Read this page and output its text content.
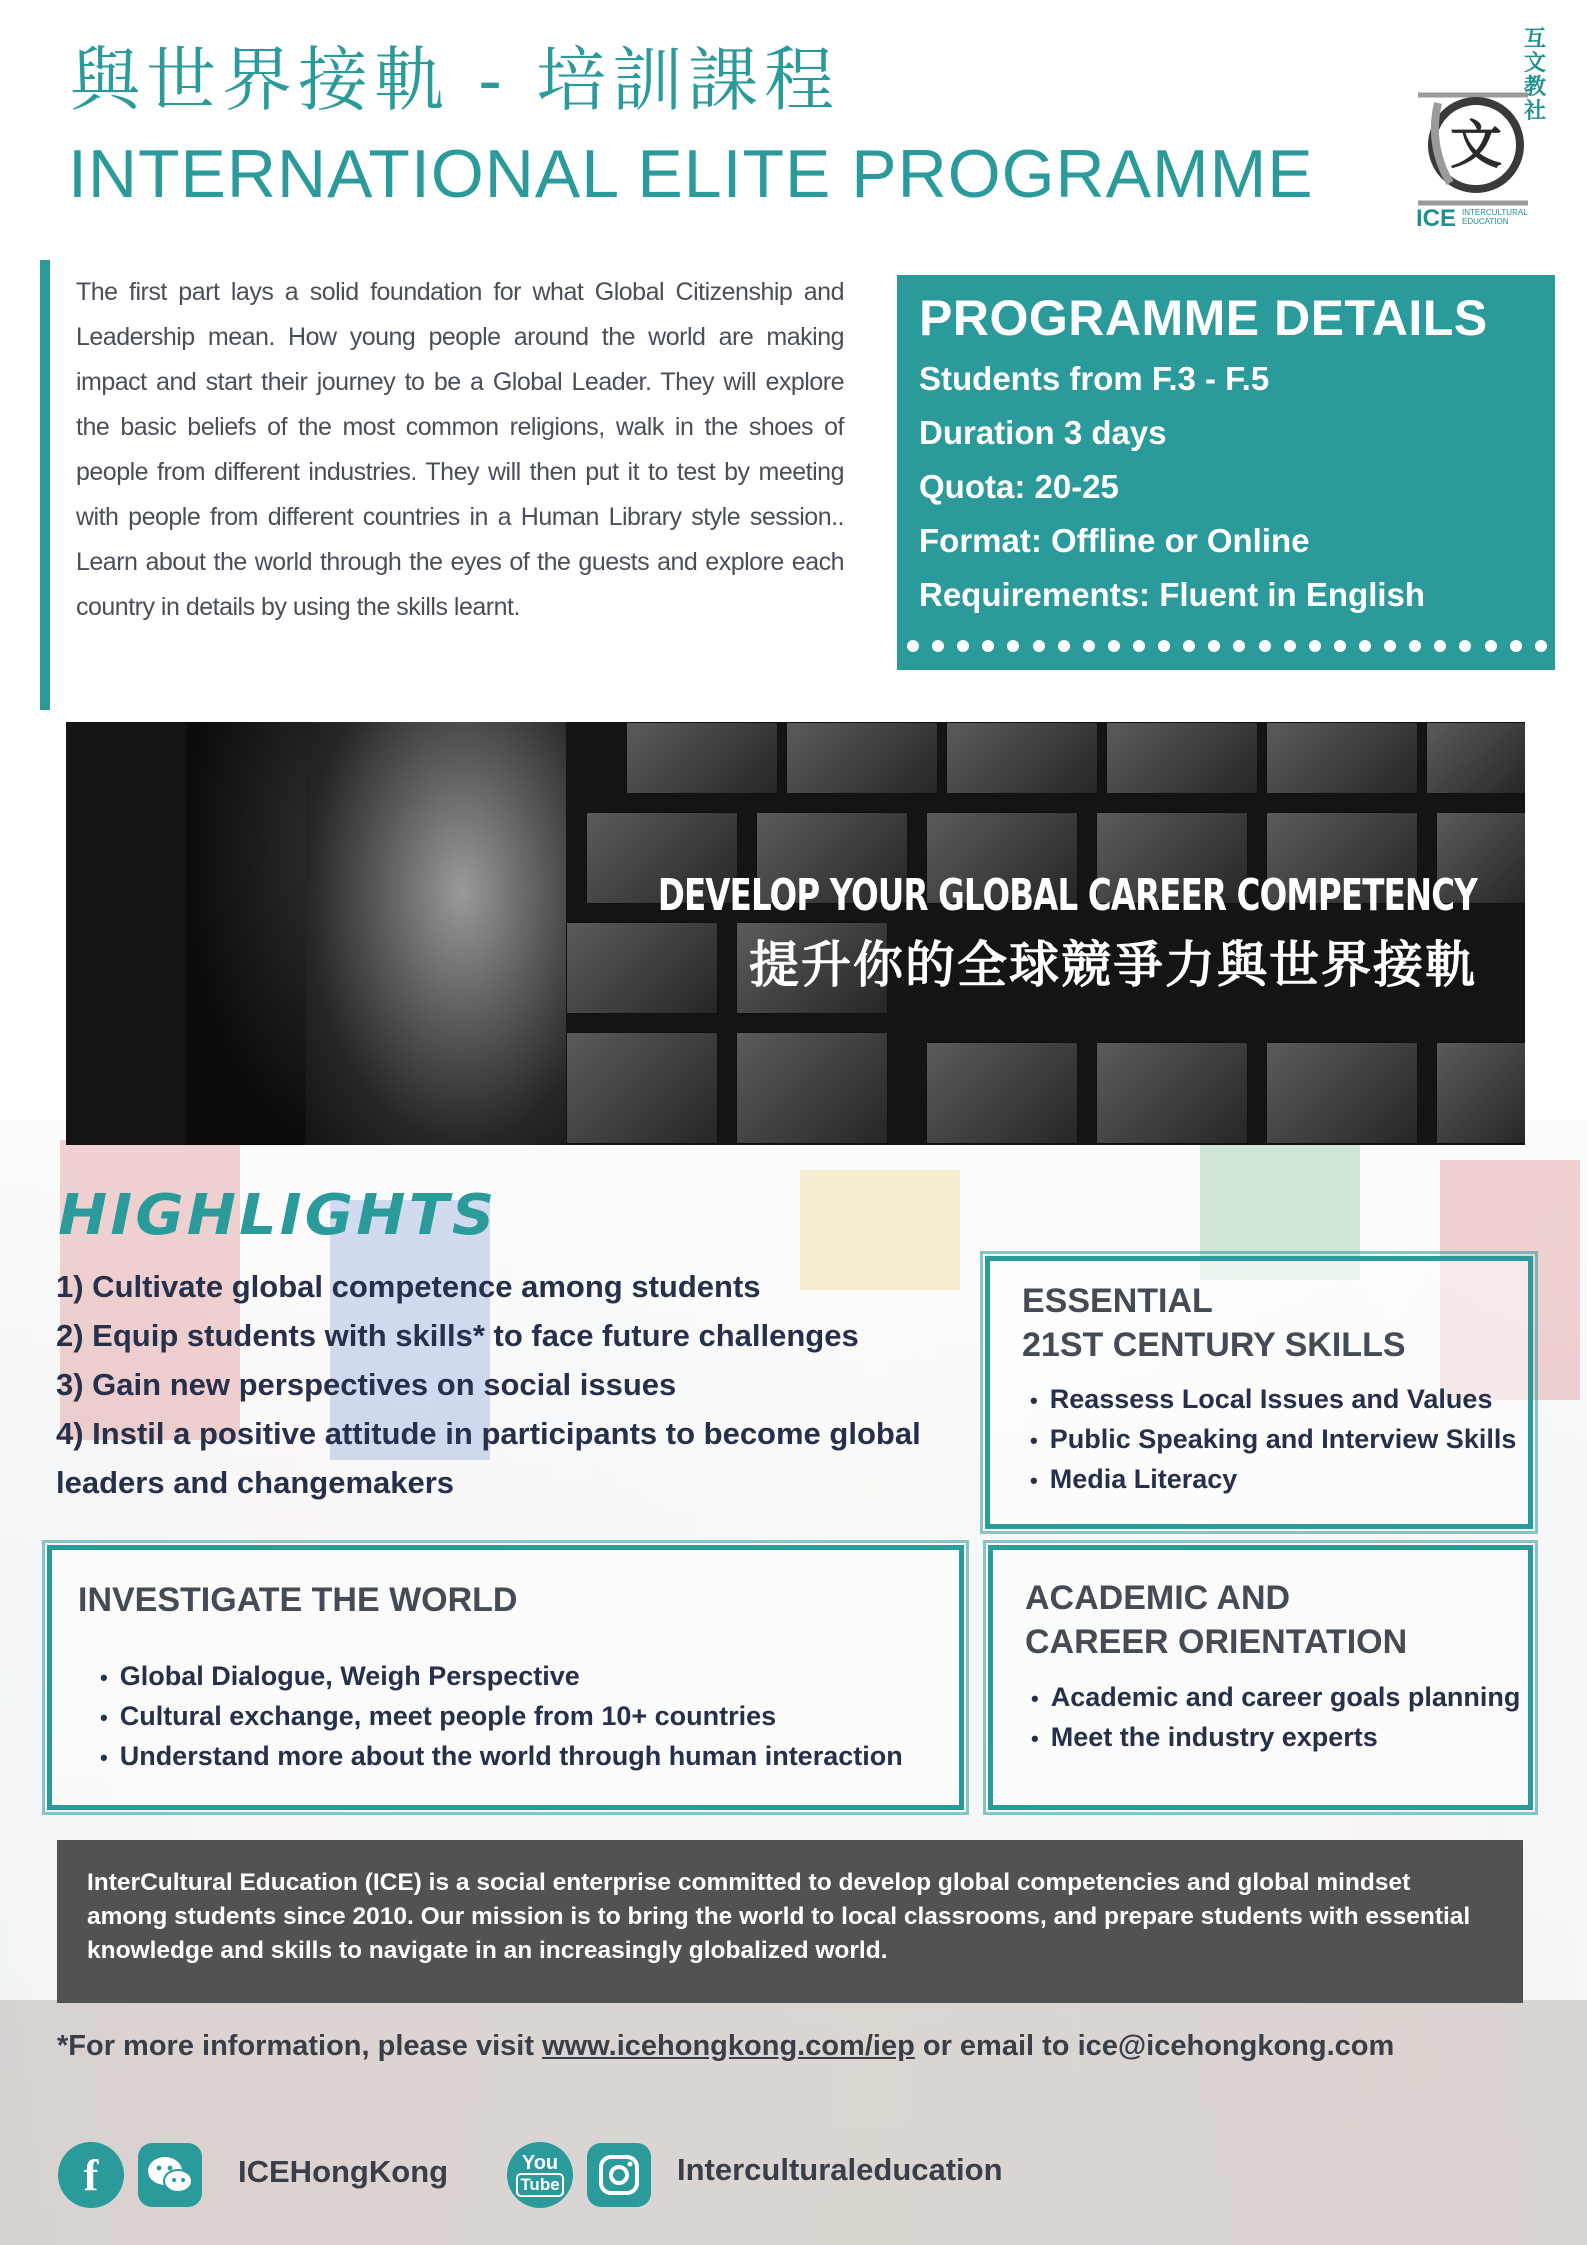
與世界接軌 - 培訓課程
INTERNATIONAL ELITE PROGRAMME
互文教社
文
ICE INTERCULTURAL EDUCATION
The first part lays a solid foundation for what Global Citizenship and Leadership mean. How young people around the world are making impact and start their journey to be a Global Leader. They will explore the basic beliefs of the most common religions, walk in the shoes of people from different industries. They will then put it to test by meeting with people from different countries in a Human Library style session.. Learn about the world through the eyes of the guests and explore each country in details by using the skills learnt.
PROGRAMME DETAILS
Students from F.3 - F.5
Duration 3 days
Quota: 20-25
Format: Offline or Online
Requirements: Fluent in English
DEVELOP YOUR GLOBAL CAREER COMPETENCY
提升你的全球競爭力與世界接軌
HIGHLIGHTS
1) Cultivate global competence among students
2) Equip students with skills* to face future challenges
3) Gain new perspectives on social issues
4) Instil a positive attitude in participants to become global leaders and changemakers
ESSENTIAL
21ST CENTURY SKILLS
• Reassess Local Issues and Values
• Public Speaking and Interview Skills
• Media Literacy
INVESTIGATE THE WORLD
• Global Dialogue, Weigh Perspective
• Cultural exchange, meet people from 10+ countries
• Understand more about the world through human interaction
ACADEMIC AND
CAREER ORIENTATION
• Academic and career goals planning
• Meet the industry experts

InterCultural Education (ICE) is a social enterprise committed to develop global competencies and global mindset among students since 2010. Our mission is to bring the world to local classrooms, and prepare students with essential knowledge and skills to navigate in an increasingly globalized world.

*For more information, please visit www.icehongkong.com/iep or email to ice@icehongkong.com
f	ICEHongKong	You
Tube	Interculturaleducation
